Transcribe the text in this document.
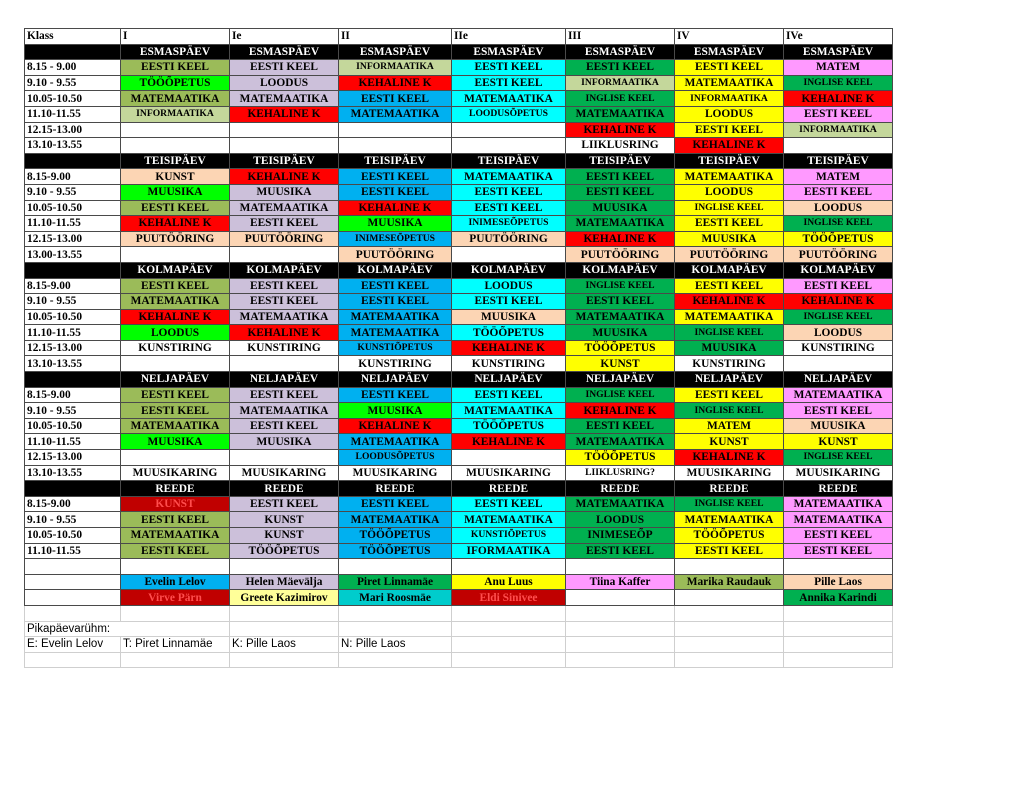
Klass	I	Ie	II	IIe	III	IV	IVe
	ESMASPÄEV	ESMASPÄEV	ESMASPÄEV	ESMASPÄEV	ESMASPÄEV	ESMASPÄEV	ESMASPÄEV
8.15 - 9.00	EESTI KEEL	EESTI KEEL	INFORMAATIKA	EESTI KEEL	EESTI KEEL	EESTI KEEL	MATEM
9.10 - 9.55	TÖÖÕPETUS	LOODUS	KEHALINE K	EESTI KEEL	INFORMAATIKA	MATEMAATIKA	INGLISE KEEL
10.05-10.50	MATEMAATIKA	MATEMAATIKA	EESTI KEEL	MATEMAATIKA	INGLISE KEEL	INFORMAATIKA	KEHALINE K
11.10-11.55	INFORMAATIKA	KEHALINE K	MATEMAATIKA	LOODUSÕPETUS	MATEMAATIKA	LOODUS	EESTI KEEL
12.15-13.00					KEHALINE K	EESTI KEEL	INFORMAATIKA
13.10-13.55					LIIKLUSRING	KEHALINE K	
	TEISIPÄEV	TEISIPÄEV	TEISIPÄEV	TEISIPÄEV	TEISIPÄEV	TEISIPÄEV	TEISIPÄEV
8.15-9.00	KUNST	KEHALINE K	EESTI KEEL	MATEMAATIKA	EESTI KEEL	MATEMAATIKA	MATEM
9.10 - 9.55	MUUSIKA	MUUSIKA	EESTI KEEL	EESTI KEEL	EESTI KEEL	LOODUS	EESTI KEEL
10.05-10.50	EESTI KEEL	MATEMAATIKA	KEHALINE K	EESTI KEEL	MUUSIKA	INGLISE KEEL	LOODUS
11.10-11.55	KEHALINE K	EESTI KEEL	MUUSIKA	INIMESEÕPETUS	MATEMAATIKA	EESTI KEEL	INGLISE KEEL
12.15-13.00	PUUTÖÖRING	PUUTÖÖRING	INIMESEÕPETUS	PUUTÖÖRING	KEHALINE K	MUUSIKA	TÖÖÕPETUS
13.00-13.55			PUUTÖÖRING		PUUTÖÖRING	PUUTÖÖRING	PUUTÖÖRING
	KOLMAPÄEV	KOLMAPÄEV	KOLMAPÄEV	KOLMAPÄEV	KOLMAPÄEV	KOLMAPÄEV	KOLMAPÄEV
8.15-9.00	EESTI KEEL	EESTI KEEL	EESTI KEEL	LOODUS	INGLISE KEEL	EESTI KEEL	EESTI KEEL
9.10 - 9.55	MATEMAATIKA	EESTI KEEL	EESTI KEEL	EESTI KEEL	EESTI KEEL	KEHALINE K	KEHALINE K
10.05-10.50	KEHALINE K	MATEMAATIKA	MATEMAATIKA	MUUSIKA	MATEMAATIKA	MATEMAATIKA	INGLISE KEEL
11.10-11.55	LOODUS	KEHALINE K	MATEMAATIKA	TÖÖÕPETUS	MUUSIKA	INGLISE KEEL	LOODUS
12.15-13.00	KUNSTIRING	KUNSTIRING	KUNSTIÕPETUS	KEHALINE K	TÖÖÕPETUS	MUUSIKA	KUNSTIRING
13.10-13.55			KUNSTIRING	KUNSTIRING	KUNST	KUNSTIRING	
	NELJAPÄEV	NELJAPÄEV	NELJAPÄEV	NELJAPÄEV	NELJAPÄEV	NELJAPÄEV	NELJAPÄEV
8.15-9.00	EESTI KEEL	EESTI KEEL	EESTI KEEL	EESTI KEEL	INGLISE KEEL	EESTI KEEL	MATEMAATIKA
9.10 - 9.55	EESTI KEEL	MATEMAATIKA	MUUSIKA	MATEMAATIKA	KEHALINE K	INGLISE KEEL	EESTI KEEL
10.05-10.50	MATEMAATIKA	EESTI KEEL	KEHALINE K	TÖÖÕPETUS	EESTI KEEL	MATEM	MUUSIKA
11.10-11.55	MUUSIKA	MUUSIKA	MATEMAATIKA	KEHALINE K	MATEMAATIKA	KUNST	KUNST
12.15-13.00			LOODUSÕPETUS		TÖÖÕPETUS	KEHALINE K	INGLISE KEEL
13.10-13.55	MUUSIKARING	MUUSIKARING	MUUSIKARING	MUUSIKARING	LIIKLUSRING?	MUUSIKARING	MUUSIKARING
	REEDE	REEDE	REEDE	REEDE	REEDE	REEDE	REEDE
8.15-9.00	KUNST	EESTI KEEL	EESTI KEEL	EESTI KEEL	MATEMAATIKA	INGLISE KEEL	MATEMAATIKA
9.10 - 9.55	EESTI KEEL	KUNST	MATEMAATIKA	MATEMAATIKA	LOODUS	MATEMAATIKA	MATEMAATIKA
10.05-10.50	MATEMAATIKA	KUNST	TÖÖÕPETUS	KUNSTIÕPETUS	INIMESEÕP	TÖÖÕPETUS	EESTI KEEL
11.10-11.55	EESTI KEEL	TÖÖÕPETUS	TÖÖÕPETUS	IFORMAATIKA	EESTI KEEL	EESTI KEEL	EESTI KEEL

	Evelin Lelov	Helen Mäevälja	Piret Linnamäe	Anu Luus	Tiina Kaffer	Marika Raudauk	Pille Laos
	Virve Pärn	Greete Kazimirov	Mari Roosmäe	Eldi Sinivee			Annika Karindi

Pikapäevarühm:							
E: Evelin Lelov	T: Piret Linnamäe	K: Pille Laos	N: Pille Laos				
